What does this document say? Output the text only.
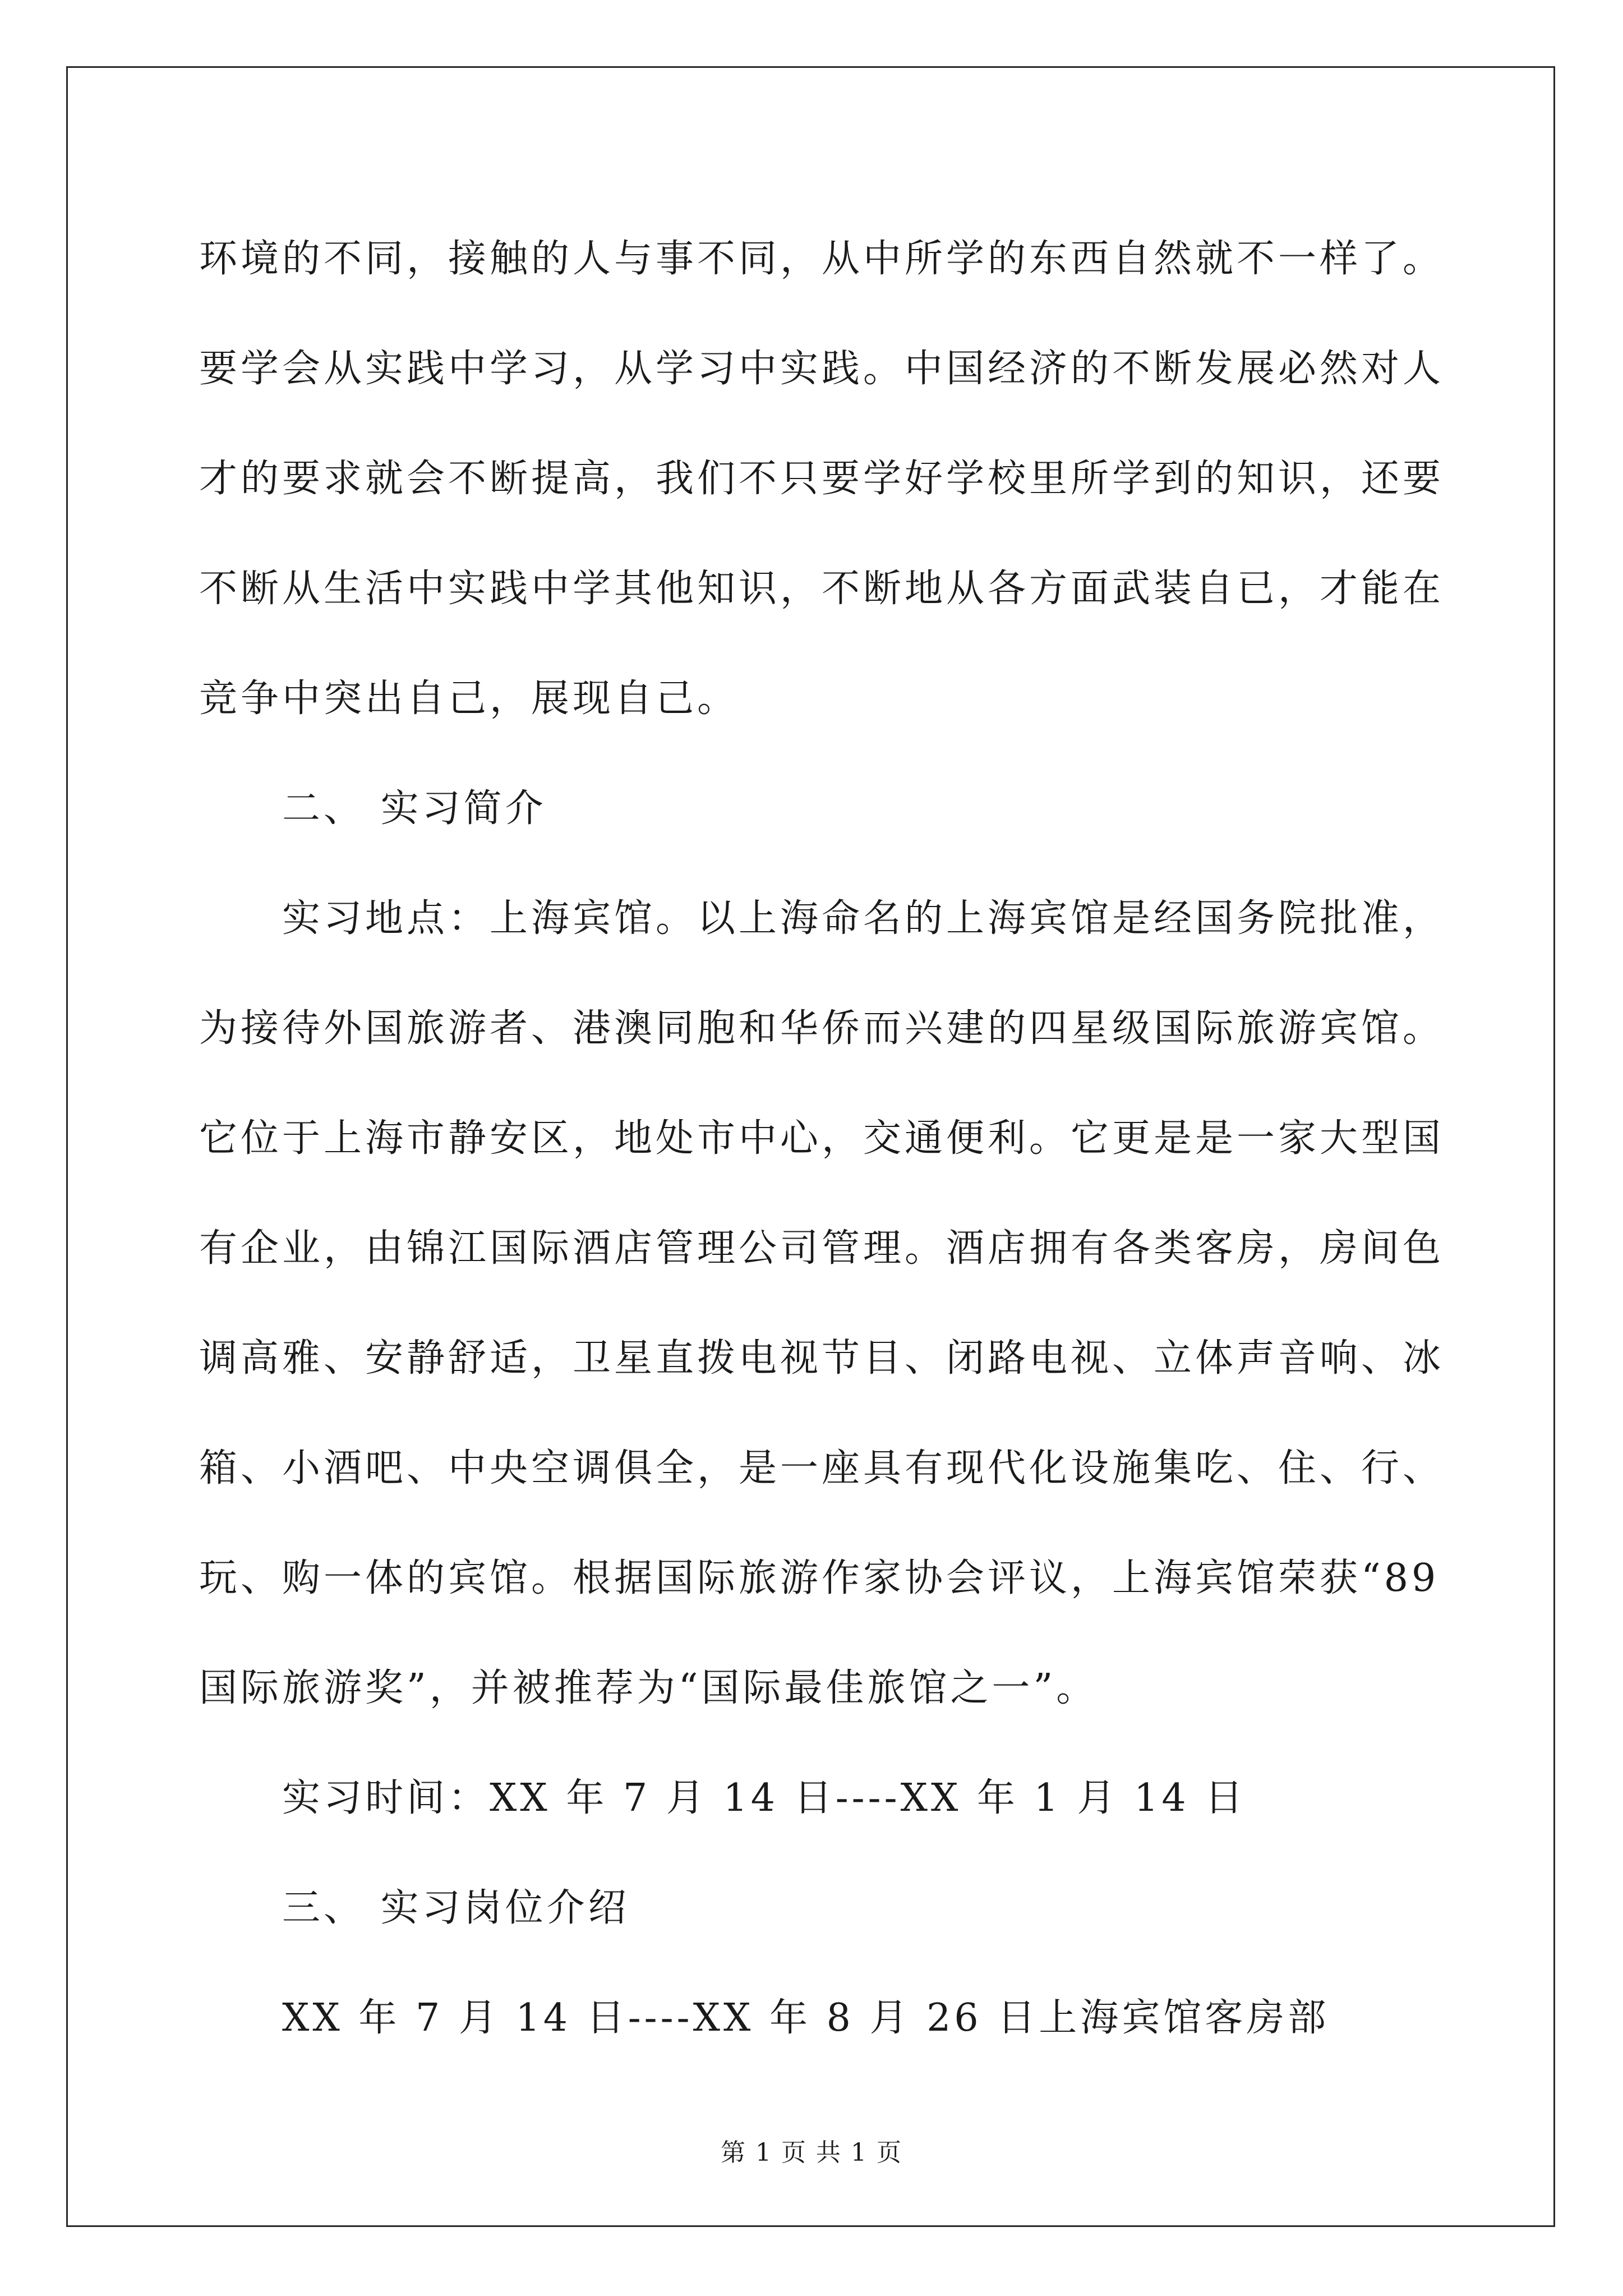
环境的不同，接触的人与事不同，从中所学的东西自然就不一样了。
要学会从实践中学习，从学习中实践。中国经济的不断发展必然对人
才的要求就会不断提高，我们不只要学好学校里所学到的知识，还要
不断从生活中实践中学其他知识，不断地从各方面武装自已，才能在
竞争中突出自己，展现自己。
二、 实习简介
实习地点：上海宾馆。以上海命名的上海宾馆是经国务院批准，
为接待外国旅游者、港澳同胞和华侨而兴建的四星级国际旅游宾馆。
它位于上海市静安区，地处市中心，交通便利。它更是是一家大型国
有企业，由锦江国际酒店管理公司管理。酒店拥有各类客房，房间色
调高雅、安静舒适，卫星直拨电视节目、闭路电视、立体声音响、冰
箱、小酒吧、中央空调俱全，是一座具有现代化设施集吃、住、行、
玩、购一体的宾馆。根据国际旅游作家协会评议，上海宾馆荣获“89
国际旅游奖”，并被推荐为“国际最佳旅馆之一”。
实习时间：XX 年 7 月 14 日----XX 年 1 月 14 日
三、 实习岗位介绍
XX 年 7 月 14 日----XX 年 8 月 26 日上海宾馆客房部
第 1 页 共 1 页
